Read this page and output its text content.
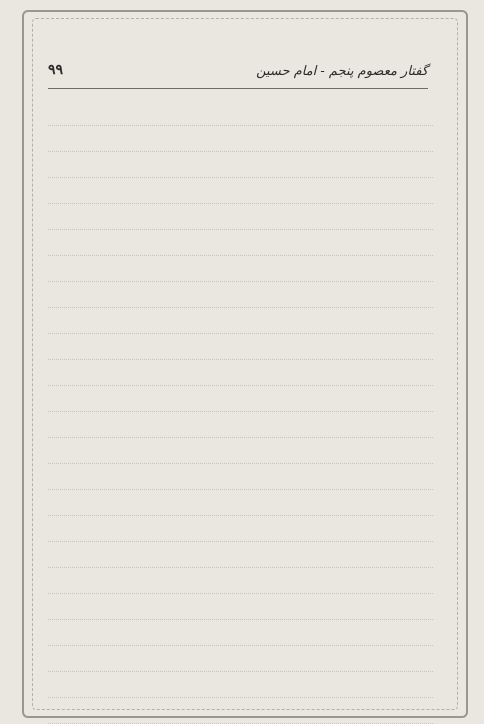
گفتار معصوم پنجم - امام حسین
٩٩
